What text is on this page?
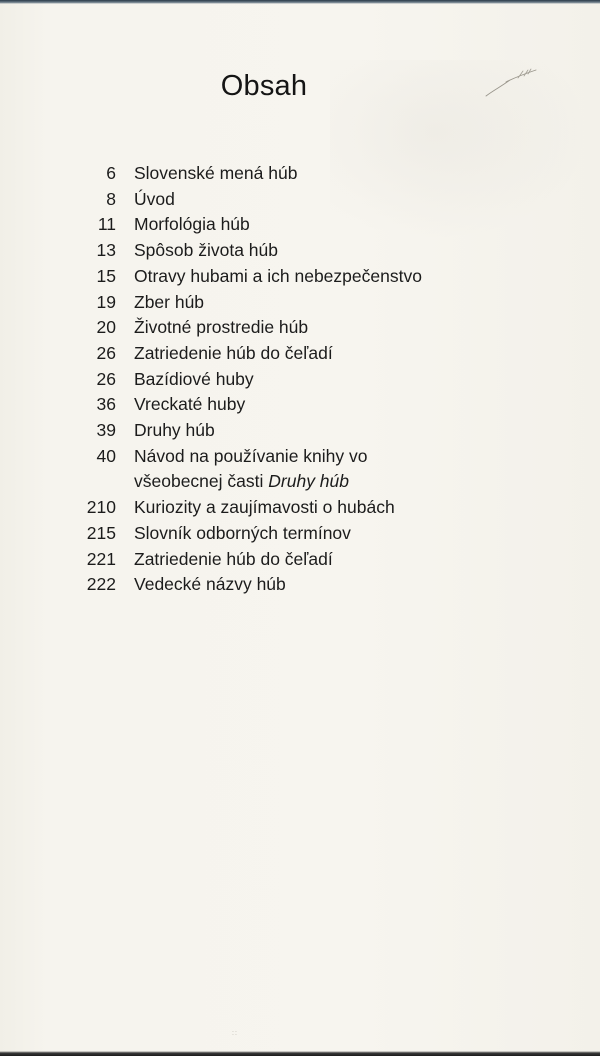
Obsah
6 Slovenské mená húb
8 Úvod
11 Morfológia húb
13 Spôsob života húb
15 Otravy hubami a ich nebezpečenstvo
19 Zber húb
20 Životné prostredie húb
26 Zatriedenie húb do čeľadí
26 Bazídiové huby
36 Vreckaté huby
39 Druhy húb
40 Návod na používanie knihy vo
všeobecnej časti Druhy húb
210 Kuriozity a zaujímavosti o hubách
215 Slovník odborných termínov
221 Zatriedenie húb do čeľadí
222 Vedecké názvy húb
::
